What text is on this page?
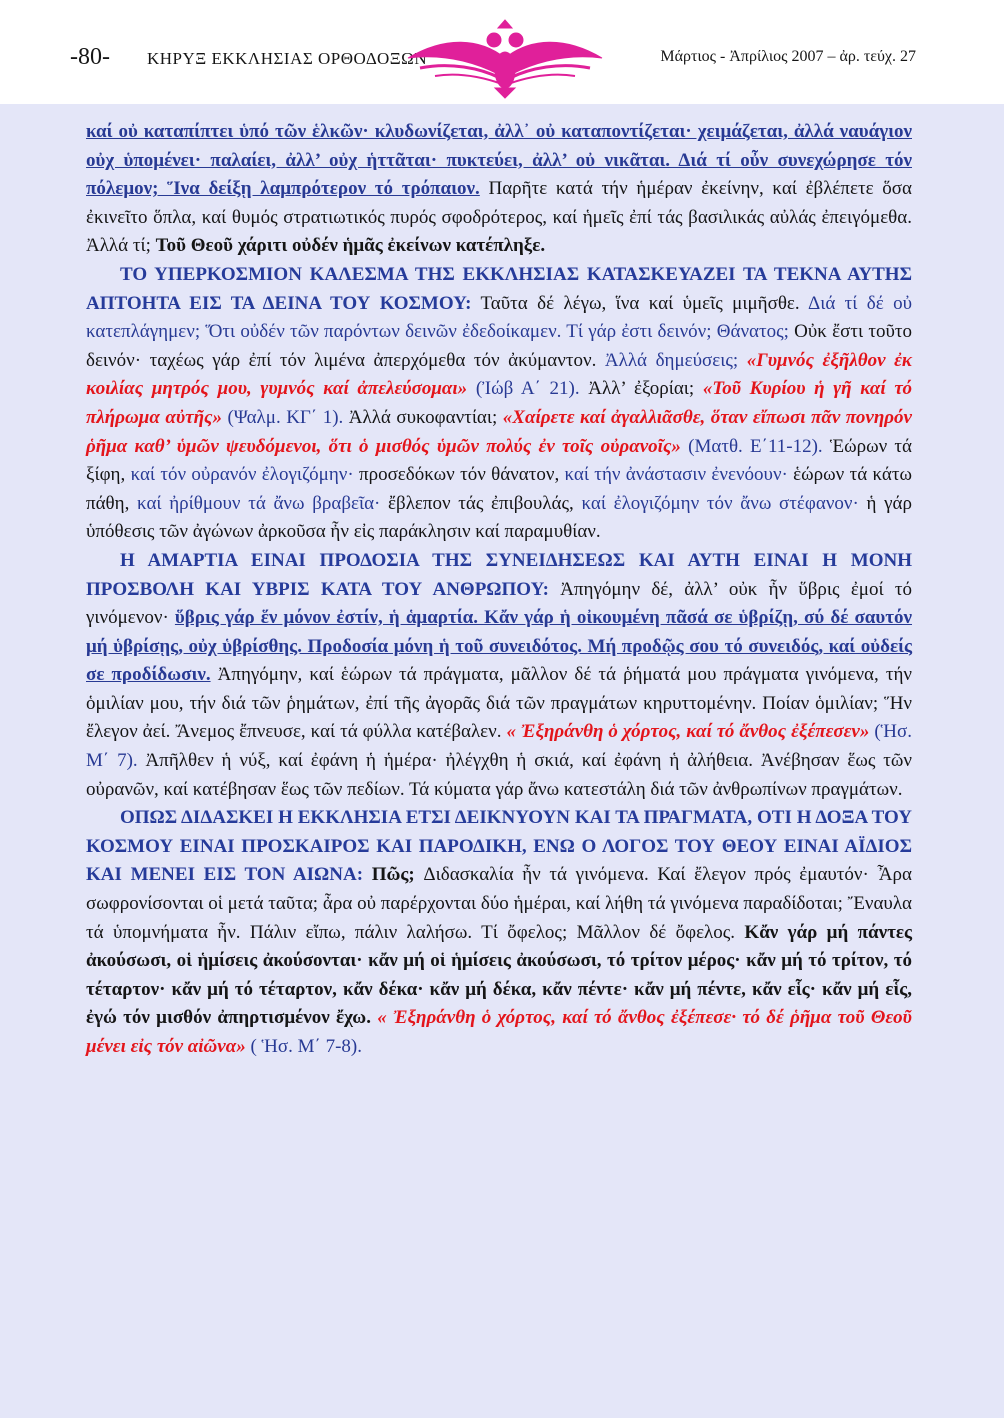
-80- ΚΗΡΥΞ ΕΚΚΛΗΣΙΑΣ ΟΡΘΟΔΟΞΩΝ	Μάρτιος - Ἀπρίλιος 2007 – ἀρ. τεύχ. 27

καί οὐ καταπίπτει ὑπό τῶν ἑλκῶν· κλυδωνίζεται, ἀλλ᾽ οὐ καταποντίζεται· χειμάζεται, ἀλλά ναυάγιον οὐχ ὑπομένει· παλαίει, ἀλλ’ οὐχ ἡττᾶται· πυκτεύει, ἀλλ’ οὐ νικᾶται. Διά τί οὖν συνεχώρησε τόν πόλεμον; Ἵνα δείξῃ λαμπρότερον τό τρόπαιον. Παρῆτε κατά τήν ἡμέραν ἐκείνην, καί ἐβλέπετε ὅσα ἐκινεῖτο ὅπλα, καί θυμός στρατιωτικός πυρός σφοδρότερος, καί ἡμεῖς ἐπί τάς βασιλικάς αὐλάς ἐπειγόμεθα. Ἀλλά τί; Τοῦ Θεοῦ χάριτι οὐδέν ἡμᾶς ἐκείνων κατέπληξε.

ΤΟ ΥΠΕΡΚΟΣΜΙΟΝ ΚΑΛΕΣΜΑ ΤΗΣ ΕΚΚΛΗΣΙΑΣ ΚΑΤΑΣΚΕΥΑΖΕΙ ΤΑ ΤΕΚΝΑ ΑΥΤΗΣ ΑΠΤΟΗΤΑ ΕΙΣ ΤΑ ΔΕΙΝΑ ΤΟΥ ΚΟΣΜΟΥ: Ταῦτα δέ λέγω, ἵνα καί ὑμεῖς μιμῆσθε. Διά τί δέ οὐ κατεπλάγημεν; Ὅτι οὐδέν τῶν παρόντων δεινῶν ἐδεδοίκαμεν. Τί γάρ ἐστι δεινόν; Θάνατος; Οὐκ ἔστι τοῦτο δεινόν· ταχέως γάρ ἐπί τόν λιμένα ἀπερχόμεθα τόν ἀκύμαντον. Ἀλλά δημεύσεις; «Γυμνός ἐξῆλθον ἐκ κοιλίας μητρός μου, γυμνός καί ἀπελεύσομαι» (Ἰώβ Α΄ 21). Ἀλλ’ ἐξορίαι; «Τοῦ Κυρίου ἡ γῆ καί τό πλήρωμα αὐτῆς» (Ψαλμ. ΚΓ΄ 1). Ἀλλά συκοφαντίαι; «Χαίρετε καί ἀγαλλιᾶσθε, ὅταν εἴπωσι πᾶν πονηρόν ῥῆμα καθ’ ὑμῶν ψευδόμενοι, ὅτι ὁ μισθός ὑμῶν πολύς ἐν τοῖς οὐρανοῖς» (Ματθ. Ε΄11-12). Ἑώρων τά ξίφη, καί τόν οὐρανόν ἐλογιζόμην· προσεδόκων τόν θάνατον, καί τήν ἀνάστασιν ἐνενόουν· ἑώρων τά κάτω πάθη, καί ἠρίθμουν τά ἄνω βραβεῖα· ἔβλεπον τάς ἐπιβουλάς, καί ἐλογιζόμην τόν ἄνω στέφανον· ἡ γάρ ὑπόθεσις τῶν ἀγώνων ἀρκοῦσα ἦν εἰς παράκλησιν καί παραμυθίαν.

Η ΑΜΑΡΤΙΑ ΕΙΝΑΙ ΠΡΟΔΟΣΙΑ ΤΗΣ ΣΥΝΕΙΔΗΣΕΩΣ ΚΑΙ ΑΥΤΗ ΕΙΝΑΙ Η ΜΟΝΗ ΠΡΟΣΒΟΛΗ ΚΑΙ ΥΒΡΙΣ ΚΑΤΑ ΤΟΥ ΑΝΘΡΩΠΟΥ: Ἀπηγόμην δέ, ἀλλ’ οὐκ ἦν ὕβρις ἐμοί τό γινόμενον· ὕβρις γάρ ἕν μόνον ἐστίν, ἡ ἁμαρτία. Κἄν γάρ ἡ οἰκουμένη πᾶσά σε ὑβρίζῃ, σύ δέ σαυτόν μή ὑβρίσῃς, οὐχ ὑβρίσθης. Προδοσία μόνη ἡ τοῦ συνειδότος. Μή προδῷς σου τό συνειδός, καί οὐδείς σε προδίδωσιν. Ἀπηγόμην, καί ἑώρων τά πράγματα, μᾶλλον δέ τά ῥήματά μου πράγματα γινόμενα, τήν ὁμιλίαν μου, τήν διά τῶν ῥημάτων, ἐπί τῆς ἀγορᾶς διά τῶν πραγμάτων κηρυττομένην. Ποίαν ὁμιλίαν; Ἥν ἔλεγον ἀεί. Ἄνεμος ἔπνευσε, καί τά φύλλα κατέβαλεν. « Ἐξηράνθη ὁ χόρτος, καί τό ἄνθος ἐξέπεσεν» (Ἡσ. Μ΄ 7). Ἀπῆλθεν ἡ νύξ, καί ἐφάνη ἡ ἡμέρα· ἠλέγχθη ἡ σκιά, καί ἐφάνη ἡ ἀλήθεια. Ἀνέβησαν ἕως τῶν οὐρανῶν, καί κατέβησαν ἕως τῶν πεδίων. Τά κύματα γάρ ἄνω κατεστάλη διά τῶν ἀνθρωπίνων πραγμάτων.

ΟΠΩΣ ΔΙΔΑΣΚΕΙ Η ΕΚΚΛΗΣΙΑ ΕΤΣΙ ΔΕΙΚΝΥΟΥΝ ΚΑΙ ΤΑ ΠΡΑΓΜΑΤΑ, ΟΤΙ Η ΔΟΞΑ ΤΟΥ ΚΟΣΜΟΥ ΕΙΝΑΙ ΠΡΟΣΚΑΙΡΟΣ ΚΑΙ ΠΑΡΟΔΙΚΗ, ΕΝΩ Ο ΛΟΓΟΣ ΤΟΥ ΘΕΟΥ ΕΙΝΑΙ ΑΪΔΙΟΣ ΚΑΙ ΜΕΝΕΙ ΕΙΣ ΤΟΝ ΑΙΩΝΑ: Πῶς; Διδασκαλία ἦν τά γινόμενα. Καί ἔλεγον πρός ἐμαυτόν· Ἆρα σωφρονίσονται οἱ μετά ταῦτα; ἆρα οὐ παρέρχονται δύο ἡμέραι, καί λήθη τά γινόμενα παραδίδοται; Ἔναυλα τά ὑπομνήματα ἦν. Πάλιν εἴπω, πάλιν λαλήσω. Τί ὄφελος; Μᾶλλον δέ ὄφελος. Κἄν γάρ μή πάντες ἀκούσωσι, οἱ ἡμίσεις ἀκούσονται· κἄν μή οἱ ἡμίσεις ἀκούσωσι, τό τρίτον μέρος· κἄν μή τό τρίτον, τό τέταρτον· κἄν μή τό τέταρτον, κἄν δέκα· κἄν μή δέκα, κἄν πέντε· κἄν μή πέντε, κἄν εἷς· κἄν μή εἷς, ἐγώ τόν μισθόν ἀπηρτισμένον ἔχω. « Ἐξηράνθη ὁ χόρτος, καί τό ἄνθος ἐξέπεσε· τό δέ ῥῆμα τοῦ Θεοῦ μένει εἰς τόν αἰῶνα» ( Ἡσ. Μ΄ 7-8).
